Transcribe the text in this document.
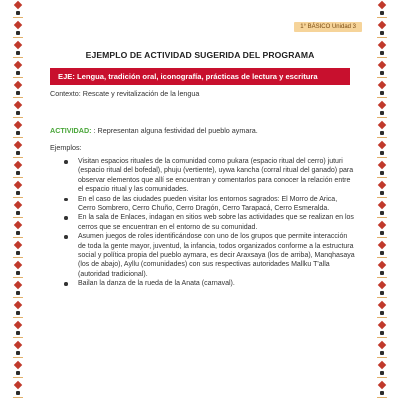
1° BÁSICO Unidad 3
EJEMPLO DE ACTIVIDAD SUGERIDA DEL PROGRAMA
EJE: Lengua, tradición oral, iconografía, prácticas de lectura y escritura
Contexto: Rescate y revitalización de la lengua
ACTIVIDAD: : Representan alguna festividad del pueblo aymara.
Ejemplos:
Visitan espacios rituales de la comunidad como pukara (espacio ritual del cerro) juturi (espacio ritual del bofedal), phuju (vertiente), uywa kancha (corral ritual del ganado) para observar elementos que allí se encuentran y comentarlos para conocer la relación entre el espacio ritual y las comunidades.
En el caso de las ciudades pueden visitar los entornos sagrados: El Morro de Arica, Cerro Sombrero, Cerro Chuño, Cerro Dragón, Cerro Tarapacá, Cerro Esmeralda.
En la sala de Enlaces, indagan en sitios web sobre las actividades que se realizan en los cerros que se encuentran en el entorno de su comunidad.
Asumen juegos de roles identificándose con uno de los grupos que permite interacción de toda la gente mayor, juventud, la infancia, todos organizados conforme a la estructura social y política propia del pueblo aymara, es decir Araxsaya (los de arriba), Manqhasaya (los de abajo), Ayllu (comunidades) con sus respectivas autoridades Mallku T'alla (autoridad tradicional).
Bailan la danza de la rueda de la Anata (carnaval).
